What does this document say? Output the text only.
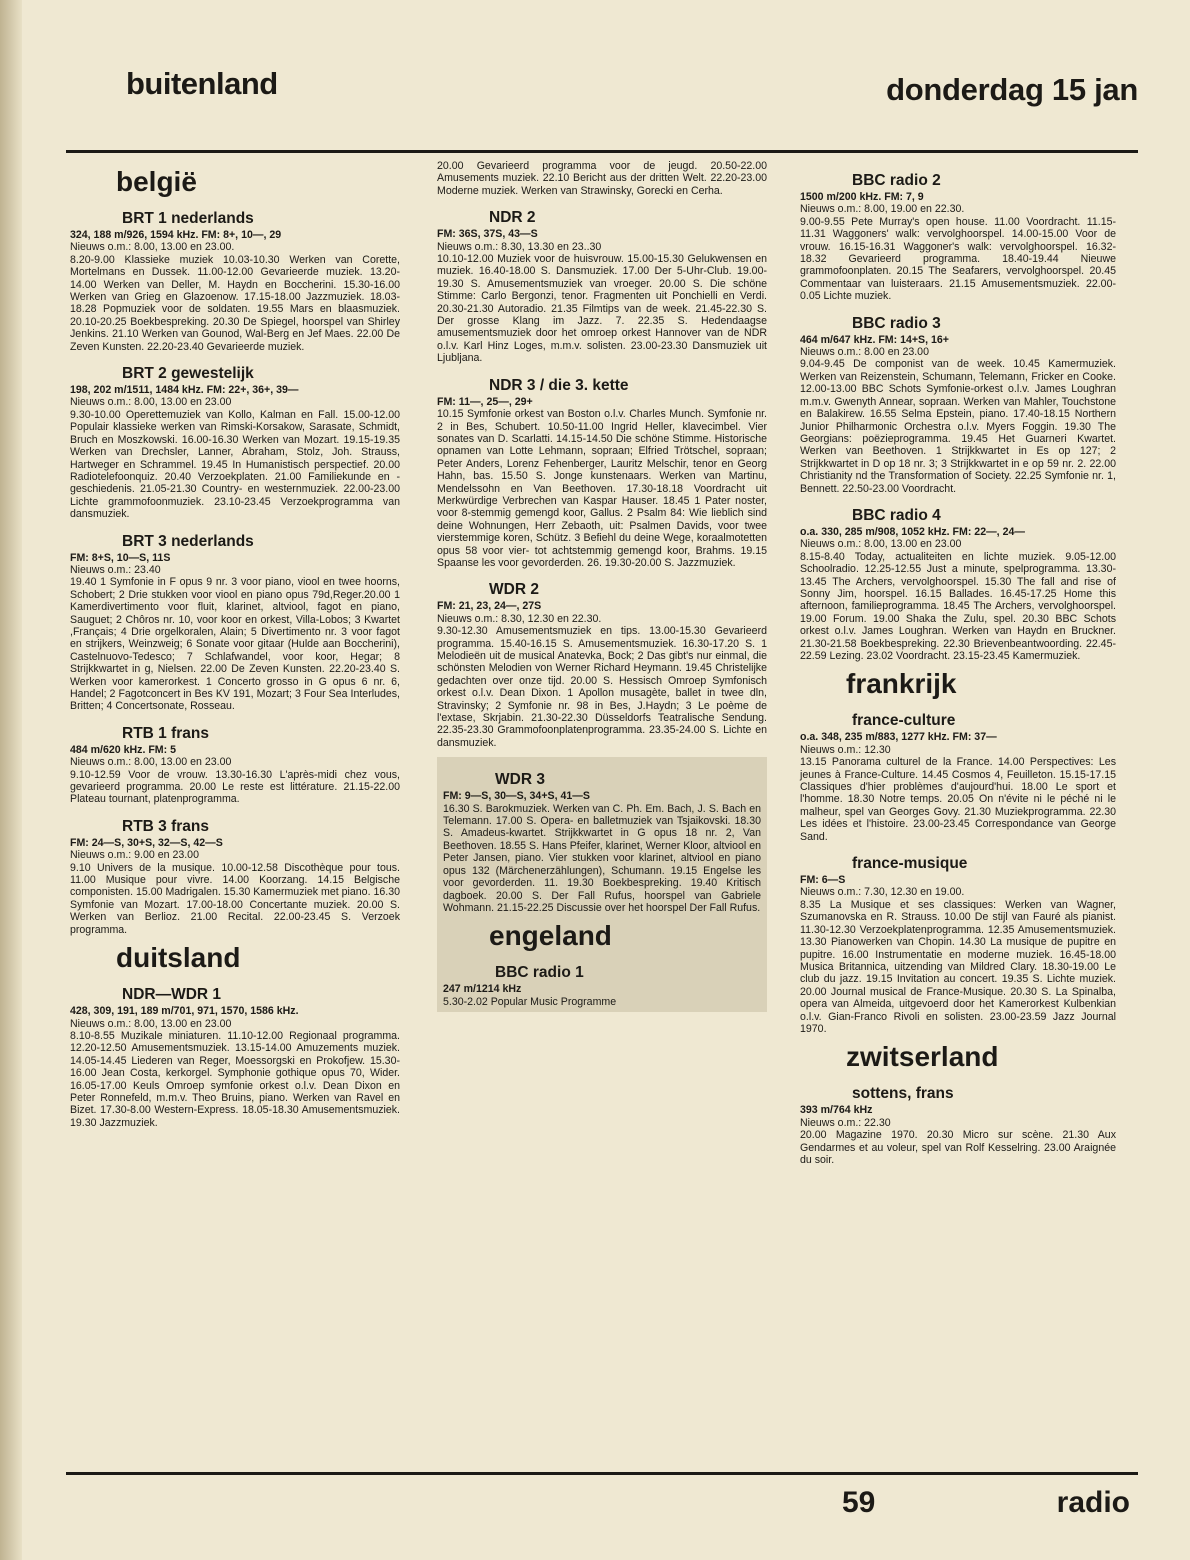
buitenland	donderdag 15 jan
belgië
BRT 1 nederlands

324, 188 m/926, 1594 kHz. FM: 8+, 10—, 29

Nieuws o.m.: 8.00, 13.00 en 23.00.

8.20-9.00 Klassieke muziek 10.03-10.30 Werken van Corette, Mortelmans en Dussek. 11.00-12.00 Gevarieerde muziek. 13.20-14.00 Werken van Deller, M. Haydn en Boccherini. 15.30-16.00 Werken van Grieg en Glazoenow. 17.15-18.00 Jazzmuziek. 18.03-18.28 Popmuziek voor de soldaten. 19.55 Mars en blaasmuziek. 20.10-20.25 Boekbespreking. 20.30 De Spiegel, hoorspel van Shirley Jenkins. 21.10 Werken van Gounod, Wal-Berg en Jef Maes. 22.00 De Zeven Kunsten. 22.20-23.40 Gevarieerde muziek.

BRT 2 gewestelijk

198, 202 m/1511, 1484 kHz. FM: 22+, 36+, 39—

Nieuws o.m.: 8.00, 13.00 en 23.00

9.30-10.00 Operettemuziek van Kollo, Kalman en Fall. 15.00-12.00 Populair klassieke werken van Rimski-Korsakow, Sarasate, Schmidt, Bruch en Moszkowski. 16.00-16.30 Werken van Mozart. 19.15-19.35 Werken van Drechsler, Lanner, Abraham, Stolz, Joh. Strauss, Hartweger en Schrammel. 19.45 In Humanistisch perspectief. 20.00 Radiotelefoonquiz. 20.40 Verzoekplaten. 21.00 Familiekunde en -geschiedenis. 21.05-21.30 Country- en westernmuziek. 22.00-23.00 Lichte grammofoonmuziek. 23.10-23.45 Verzoekprogramma van dansmuziek.

BRT 3 nederlands

FM: 8+S, 10—S, 11S

Nieuws o.m.: 23.40

19.40 1 Symfonie in F opus 9 nr. 3 voor piano, viool en twee hoorns, Schobert; 2 Drie stukken voor viool en piano opus 79d,Reger.20.00 1 Kamerdivertimento voor fluit, klarinet, altviool, fagot en piano, Sauguet; 2 Chôros nr. 10, voor koor en orkest, Villa-Lobos; 3 Kwartet ,Français; 4 Drie orgelkoralen, Alain; 5 Divertimento nr. 3 voor fagot en strijkers, Weinzweig; 6 Sonate voor gitaar (Hulde aan Boccherini), Castelnuovo-Tedesco; 7 Schlafwandel, voor koor, Hegar; 8 Strijkkwartet in g, Nielsen. 22.00 De Zeven Kunsten. 22.20-23.40 S. Werken voor kamerorkest. 1 Concerto grosso in G opus 6 nr. 6, Handel; 2 Fagotconcert in Bes KV 191, Mozart; 3 Four Sea Interludes, Britten; 4 Concertsonate, Rosseau.

RTB 1 frans

484 m/620 kHz. FM: 5

Nieuws o.m.: 8.00, 13.00 en 23.00

9.10-12.59 Voor de vrouw. 13.30-16.30 L'après-midi chez vous, gevarieerd programma. 20.00 Le reste est littérature. 21.15-22.00 Plateau tournant, platenprogramma.

RTB 3 frans

FM: 24—S, 30+S, 32—S, 42—S

Nieuws o.m.: 9.00 en 23.00

9.10 Univers de la musique. 10.00-12.58 Discothèque pour tous. 11.00 Musique pour vivre. 14.00 Koorzang. 14.15 Belgische componisten. 15.00 Madrigalen. 15.30 Kamermuziek met piano. 16.30 Symfonie van Mozart. 17.00-18.00 Concertante muziek. 20.00 S. Werken van Berlioz. 21.00 Recital. 22.00-23.45 S. Verzoek programma.

duitsland
NDR—WDR 1

428, 309, 191, 189 m/701, 971, 1570, 1586 kHz.

Nieuws o.m.: 8.00, 13.00 en 23.00

8.10-8.55 Muzikale miniaturen. 11.10-12.00 Regionaal programma. 12.20-12.50 Amusementsmuziek. 13.15-14.00 Amuzements muziek. 14.05-14.45 Liederen van Reger, Moessorgski en Prokofjew. 15.30-16.00 Jean Costa, kerkorgel. Symphonie gothique opus 70, Wider. 16.05-17.00 Keuls Omroep symfonie orkest o.l.v. Dean Dixon en Peter Ronnefeld, m.m.v. Theo Bruins, piano. Werken van Ravel en Bizet. 17.30-8.00 Western-Express. 18.05-18.30 Amusementsmuziek. 19.30 Jazzmuziek.

20.00 Gevarieerd programma voor de jeugd. 20.50-22.00 Amusements muziek. 22.10 Bericht aus der dritten Welt. 22.20-23.00 Moderne muziek. Werken van Strawinsky, Gorecki en Cerha.

NDR 2

FM: 36S, 37S, 43—S

Nieuws o.m.: 8.30, 13.30 en 23..30

10.10-12.00 Muziek voor de huisvrouw. 15.00-15.30 Gelukwensen en muziek. 16.40-18.00 S. Dansmuziek. 17.00 Der 5-Uhr-Club. 19.00-19.30 S. Amusementsmuziek van vroeger. 20.00 S. Die schöne Stimme: Carlo Bergonzi, tenor. Fragmenten uit Ponchielli en Verdi. 20.30-21.30 Autoradio. 21.35 Filmtips van de week. 21.45-22.30 S. Der grosse Klang im Jazz. 7. 22.35 S. Hedendaagse amusementsmuziek door het omroep orkest Hannover van de NDR o.l.v. Karl Hinz Loges, m.m.v. solisten. 23.00-23.30 Dansmuziek uit Ljubljana.

NDR 3 / die 3. kette

FM: 11—, 25—, 29+

10.15 Symfonie orkest van Boston o.l.v. Charles Munch. Symfonie nr. 2 in Bes, Schubert. 10.50-11.00 Ingrid Heller, klavecimbel. Vier sonates van D. Scarlatti. 14.15-14.50 Die schöne Stimme. Historische opnamen van Lotte Lehmann, sopraan; Elfried Trötschel, sopraan; Peter Anders, Lorenz Fehenberger, Lauritz Melschir, tenor en Georg Hahn, bas. 15.50 S. Jonge kunstenaars. Werken van Martinu, Mendelssohn en Van Beethoven. 17.30-18.18 Voordracht uit Merkwürdige Verbrechen van Kaspar Hauser. 18.45 1 Pater noster, voor 8-stemmig gemengd koor, Gallus. 2 Psalm 84: Wie lieblich sind deine Wohnungen, Herr Zebaoth, uit: Psalmen Davids, voor twee vierstemmige koren, Schütz. 3 Befiehl du deine Wege, koraalmotetten opus 58 voor vier- tot achtstemmig gemengd koor, Brahms. 19.15 Spaanse les voor gevorderden. 26. 19.30-20.00 S. Jazzmuziek.

WDR 2

FM: 21, 23, 24—, 27S

Nieuws o.m.: 8.30, 12.30 en 22.30.

9.30-12.30 Amusementsmuziek en tips. 13.00-15.30 Gevarieerd programma. 15.40-16.15 S. Amusementsmuziek. 16.30-17.20 S. 1 Melodieën uit de musical Anatevka, Bock; 2 Das gibt's nur einmal, die schönsten Melodien von Werner Richard Heymann. 19.45 Christelijke gedachten over onze tijd. 20.00 S. Hessisch Omroep Symfonisch orkest o.l.v. Dean Dixon. 1 Apollon musagète, ballet in twee dln, Stravinsky; 2 Symfonie nr. 98 in Bes, J.Haydn; 3 Le poème de l'extase, Skrjabin. 21.30-22.30 Düsseldorfs Teatralische Sendung. 22.35-23.30 Grammofoonplatenprogramma. 23.35-24.00 S. Lichte en dansmuziek.

WDR 3

FM: 9—S, 30—S, 34+S, 41—S

16.30 S. Barokmuziek. Werken van C. Ph. Em. Bach, J. S. Bach en Telemann. 17.00 S. Opera- en balletmuziek van Tsjaikovski. 18.30 S. Amadeus-kwartet. Strijkkwartet in G opus 18 nr. 2, Van Beethoven. 18.55 S. Hans Pfeifer, klarinet, Werner Kloor, altviool en Peter Jansen, piano. Vier stukken voor klarinet, altviool en piano opus 132 (Märchenerzählungen), Schumann. 19.15 Engelse les voor gevorderden. 11. 19.30 Boekbespreking. 19.40 Kritisch dagboek. 20.00 S. Der Fall Rufus, hoorspel van Gabriele Wohmann. 21.15-22.25 Discussie over het hoorspel Der Fall Rufus.

engeland
BBC radio 1

247 m/1214 kHz

5.30-2.02 Popular Music Programme

BBC radio 2

1500 m/200 kHz. FM: 7, 9

Nieuws o.m.: 8.00, 19.00 en 22.30.

9.00-9.55 Pete Murray's open house. 11.00 Voordracht. 11.15-11.31 Waggoners' walk: vervolghoorspel. 14.00-15.00 Voor de vrouw. 16.15-16.31 Waggoner's walk: vervolghoorspel. 16.32-18.32 Gevarieerd programma. 18.40-19.44 Nieuwe grammofoonplaten. 20.15 The Seafarers, vervolghoorspel. 20.45 Commentaar van luisteraars. 21.15 Amusementsmuziek. 22.00-0.05 Lichte muziek.

BBC radio 3

464 m/647 kHz. FM: 14+S, 16+

Nieuws o.m.: 8.00 en 23.00

9.04-9.45 De componist van de week. 10.45 Kamermuziek. Werken van Reizenstein, Schumann, Telemann, Fricker en Cooke. 12.00-13.00 BBC Schots Symfonie-orkest o.l.v. James Loughran m.m.v. Gwenyth Annear, sopraan. Werken van Mahler, Touchstone en Balakirew. 16.55 Selma Epstein, piano. 17.40-18.15 Northern Junior Philharmonic Orchestra o.l.v. Myers Foggin. 19.30 The Georgians: poëzieprogramma. 19.45 Het Guarneri Kwartet. Werken van Beethoven. 1 Strijkkwartet in Es op 127; 2 Strijkkwartet in D op 18 nr. 3; 3 Strijkkwartet in e op 59 nr. 2. 22.00 Christianity nd the Transformation of Society. 22.25 Symfonie nr. 1, Bennett. 22.50-23.00 Voordracht.

BBC radio 4

o.a. 330, 285 m/908, 1052 kHz. FM: 22—, 24—

Nieuws o.m.: 8.00, 13.00 en 23.00

8.15-8.40 Today, actualiteiten en lichte muziek. 9.05-12.00 Schoolradio. 12.25-12.55 Just a minute, spelprogramma. 13.30-13.45 The Archers, vervolghoorspel. 15.30 The fall and rise of Sonny Jim, hoorspel. 16.15 Ballades. 16.45-17.25 Home this afternoon, familieprogramma. 18.45 The Archers, vervolghoorspel. 19.00 Forum. 19.00 Shaka the Zulu, spel. 20.30 BBC Schots orkest o.l.v. James Loughran. Werken van Haydn en Bruckner. 21.30-21.58 Boekbespreking. 22.30 Brievenbeantwoording. 22.45-22.59 Lezing. 23.02 Voordracht. 23.15-23.45 Kamermuziek.

frankrijk
france-culture

o.a. 348, 235 m/883, 1277 kHz. FM: 37—

Nieuws o.m.: 12.30

13.15 Panorama culturel de la France. 14.00 Perspectives: Les jeunes à France-Culture. 14.45 Cosmos 4, Feuilleton. 15.15-17.15 Classiques d'hier problèmes d'aujourd'hui. 18.00 Le sport et l'homme. 18.30 Notre temps. 20.05 On n'évite ni le péché ni le malheur, spel van Georges Govy. 21.30 Muziekprogramma. 22.30 Les idées et l'histoire. 23.00-23.45 Correspondance van George Sand.

france-musique

FM: 6—S

Nieuws o.m.: 7.30, 12.30 en 19.00.

8.35 La Musique et ses classiques: Werken van Wagner, Szumanovska en R. Strauss. 10.00 De stijl van Fauré als pianist. 11.30-12.30 Verzoekplatenprogramma. 12.35 Amusementsmuziek. 13.30 Pianowerken van Chopin. 14.30 La musique de pupitre en pupitre. 16.00 Instrumentatie en moderne muziek. 16.45-18.00 Musica Britannica, uitzending van Mildred Clary. 18.30-19.00 Le club du jazz. 19.15 Invitation au concert. 19.35 S. Lichte muziek. 20.00 Journal musical de France-Musique. 20.30 S. La Spinalba, opera van Almeida, uitgevoerd door het Kamerorkest Kulbenkian o.l.v. Gian-Franco Rivoli en solisten. 23.00-23.59 Jazz Journal 1970.

zwitserland
sottens, frans

393 m/764 kHz

Nieuws o.m.: 22.30

20.00 Magazine 1970. 20.30 Micro sur scène. 21.30 Aux Gendarmes et au voleur, spel van Rolf Kesselring. 23.00 Araignée du soir.

59	radio
